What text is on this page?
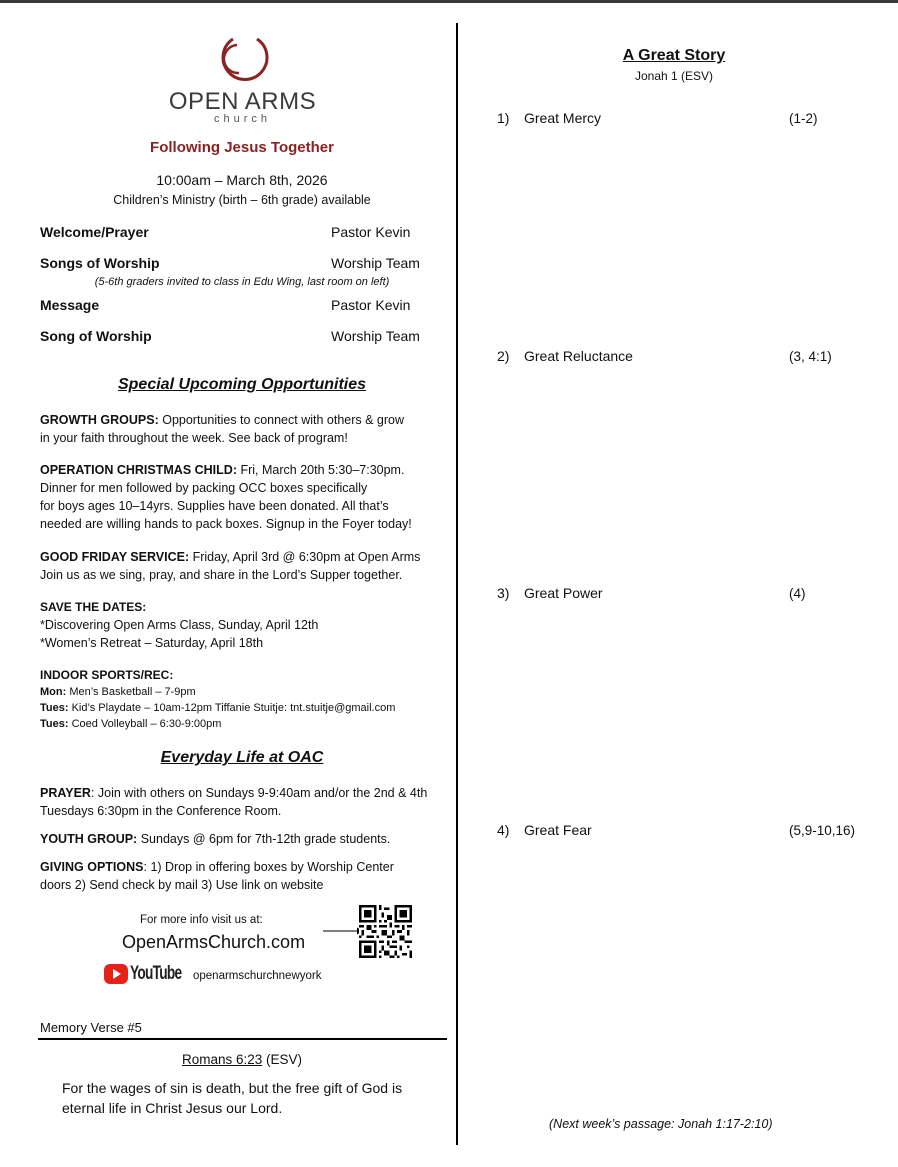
OPEN ARMS
church
Following Jesus Together
10:00am – March 8th, 2026
Children’s Ministry (birth – 6th grade) available
Welcome/Prayer	Pastor Kevin
Songs of Worship	Worship Team
(5-6th graders invited to class in Edu Wing, last room on left)
Message	Pastor Kevin
Song of Worship	Worship Team
Special Upcoming Opportunities
GROWTH GROUPS: Opportunities to connect with others & grow
in your faith throughout the week. See back of program!
OPERATION CHRISTMAS CHILD: Fri, March 20th 5:30–7:30pm.
Dinner for men followed by packing OCC boxes specifically
for boys ages 10–14yrs. Supplies have been donated. All that’s
needed are willing hands to pack boxes. Signup in the Foyer today!
GOOD FRIDAY SERVICE: Friday, April 3rd @ 6:30pm at Open Arms
Join us as we sing, pray, and share in the Lord’s Supper together.
SAVE THE DATES:
*Discovering Open Arms Class, Sunday, April 12th
*Women’s Retreat – Saturday, April 18th
INDOOR SPORTS/REC:
Mon: Men’s Basketball – 7-9pm
Tues: Kid’s Playdate – 10am-12pm Tiffanie Stuitje: tnt.stuitje@gmail.com
Tues: Coed Volleyball – 6:30-9:00pm
Everyday Life at OAC
PRAYER: Join with others on Sundays 9-9:40am and/or the 2nd & 4th
Tuesdays 6:30pm in the Conference Room.
YOUTH GROUP: Sundays @ 6pm for 7th-12th grade students.
GIVING OPTIONS: 1) Drop in offering boxes by Worship Center
doors 2) Send check by mail 3) Use link on website
For more info visit us at:
OpenArmsChurch.com
YouTube openarmschurchnewyork
Memory Verse #5
Romans 6:23 (ESV)
For the wages of sin is death, but the free gift of God is
eternal life in Christ Jesus our Lord.
A Great Story
Jonah 1 (ESV)
1) Great Mercy	(1-2)
2) Great Reluctance	(3, 4:1)
3) Great Power	(4)
4) Great Fear	(5,9-10,16)
(Next week’s passage: Jonah 1:17-2:10)
